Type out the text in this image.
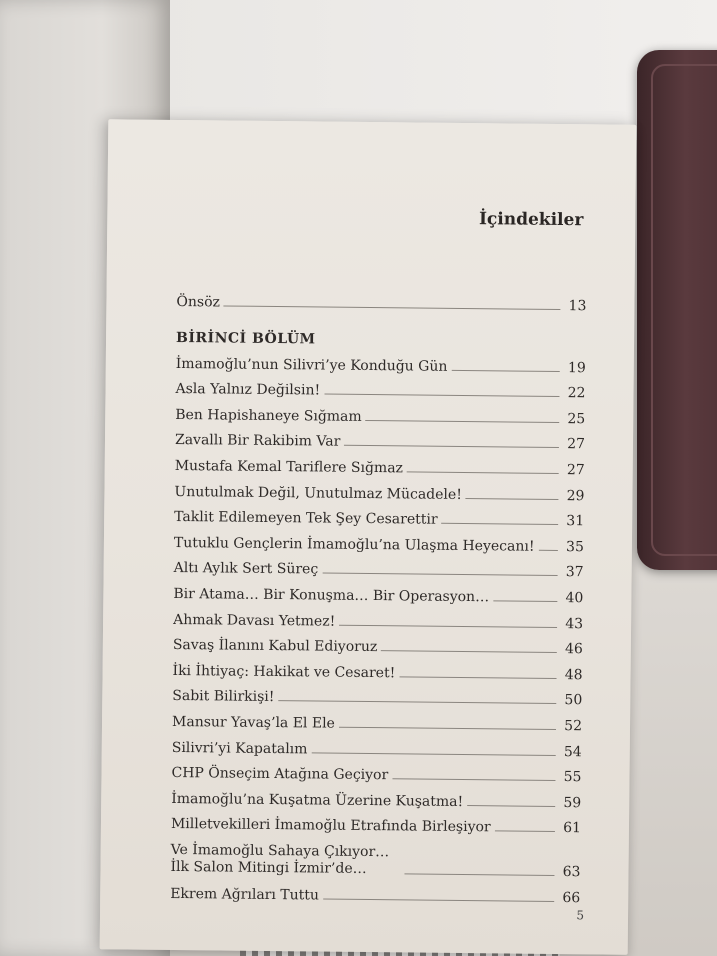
İçindekiler
Önsöz	13
BİRİNCİ BÖLÜM
İmamoğlu’nun Silivri’ye Konduğu Gün	19
Asla Yalnız Değilsin!	22
Ben Hapishaneye Sığmam	25
Zavallı Bir Rakibim Var	27
Mustafa Kemal Tariflere Sığmaz	27
Unutulmak Değil, Unutulmaz Mücadele!	29
Taklit Edilemeyen Tek Şey Cesarettir	31
Tutuklu Gençlerin İmamoğlu’na Ulaşma Heyecanı! 35
Altı Aylık Sert Süreç	37
Bir Atama… Bir Konuşma… Bir Operasyon…	40
Ahmak Davası Yetmez!	43
Savaş İlanını Kabul Ediyoruz	46
İki İhtiyaç: Hakikat ve Cesaret!	48
Sabit Bilirkişi!	50
Mansur Yavaş’la El Ele	52
Silivri’yi Kapatalım	54
CHP Önseçim Atağına Geçiyor	55
İmamoğlu’na Kuşatma Üzerine Kuşatma!	59
Milletvekilleri İmamoğlu Etrafında Birleşiyor	61
Ve İmamoğlu Sahaya Çıkıyor… İlk Salon Mitingi İzmir’de…	63
Ekrem Ağrıları Tuttu	66
5
